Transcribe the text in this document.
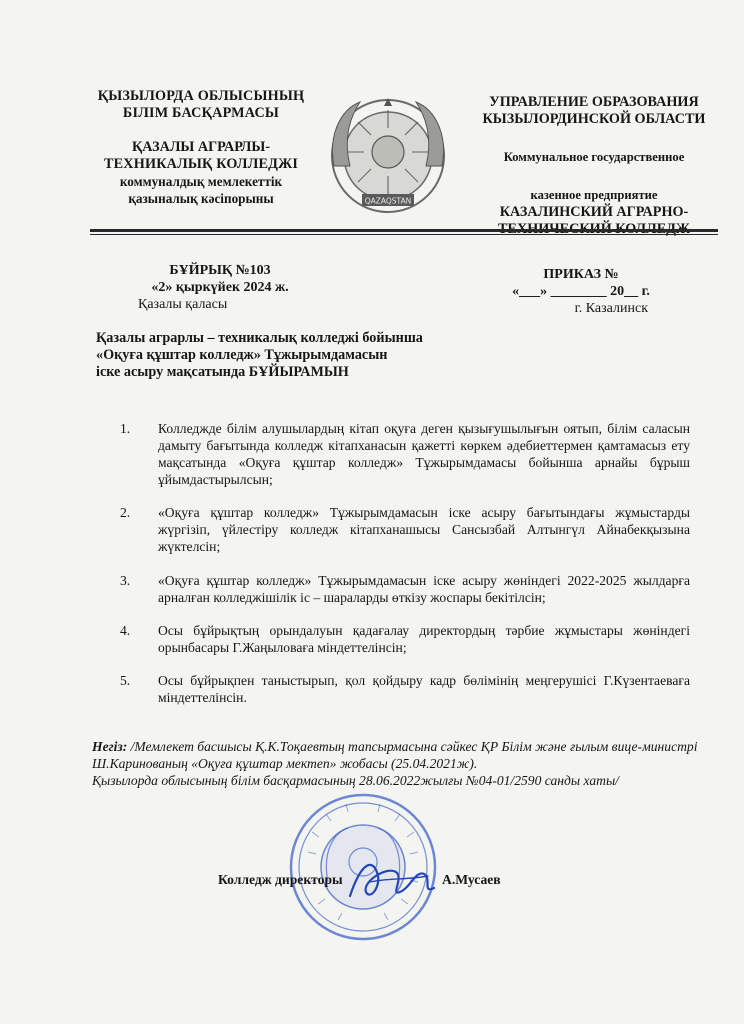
ҚЫЗЫЛОРДА ОБЛЫСЫНЫҢ
БІЛІМ БАСҚАРМАСЫ
ҚАЗАЛЫ АГРАРЛЫ-
ТЕХНИКАЛЫҚ КОЛЛЕДЖІ
коммуналдық мемлекеттік
қазыналық кәсіпорыны	QAZAQSTAN
УПРАВЛЕНИЕ ОБРАЗОВАНИЯ
КЫЗЫЛОРДИНСКОЙ ОБЛАСТИ
Коммунальное государственное
казенное предприятие
КАЗАЛИНСКИЙ АГРАРНО-
БҰЙРЫҚ №103
«2» қыркүйек 2024 ж.
Қазалы қаласы
ПРИКАЗ №
«___» ________ 20__ г.
г. Казалинск
Қазалы аграрлы – техникалық колледжі бойынша
«Оқуға құштар колледж» Тұжырымдамасын
іске асыру мақсатында БҰЙЫРАМЫН
1.	Колледжде білім алушылардың кітап оқуға деген қызығушылығын оятып, білім саласын дамыту бағытында колледж кітапханасын қажетті көркем әдебиеттермен қамтамасыз ету мақсатында «Оқуға құштар колледж» Тұжырымдамасы бойынша арнайы бұрыш ұйымдастырылсын;
2.	«Оқуға құштар колледж» Тұжырымдамасын іске асыру бағытындағы жұмыстарды жүргізіп, үйлестіру колледж кітапханашысы Сансызбай Алтынгүл Айнабекқызына жүктелсін;
3.	«Оқуға құштар колледж» Тұжырымдамасын іске асыру жөніндегі 2022-2025 жылдарға арналған колледжішілік іс – шараларды өткізу жоспары бекітілсін;
4.	Осы бұйрықтың орындалуын қадағалау директордың тәрбие жұмыстары жөніндегі орынбасары Г.Жаңыловаға міндеттелінсін;
5.	Осы бұйрықпен таныстырып, қол қойдыру кадр бөлімінің меңгерушісі Г.Күзентаеваға міндеттелінсін.
Негіз: /Мемлекет басшысы Қ.К.Тоқаевтың тапсырмасына сәйкес ҚР Білім және ғылым вице-министрі Ш.Каринованың «Оқуға құштар мектеп» жобасы (25.04.2021ж).
Қызылорда облысының білім басқармасының 28.06.2022жылғы №04-01/2590 санды хаты/
Колледж директоры	А.Мусаев
